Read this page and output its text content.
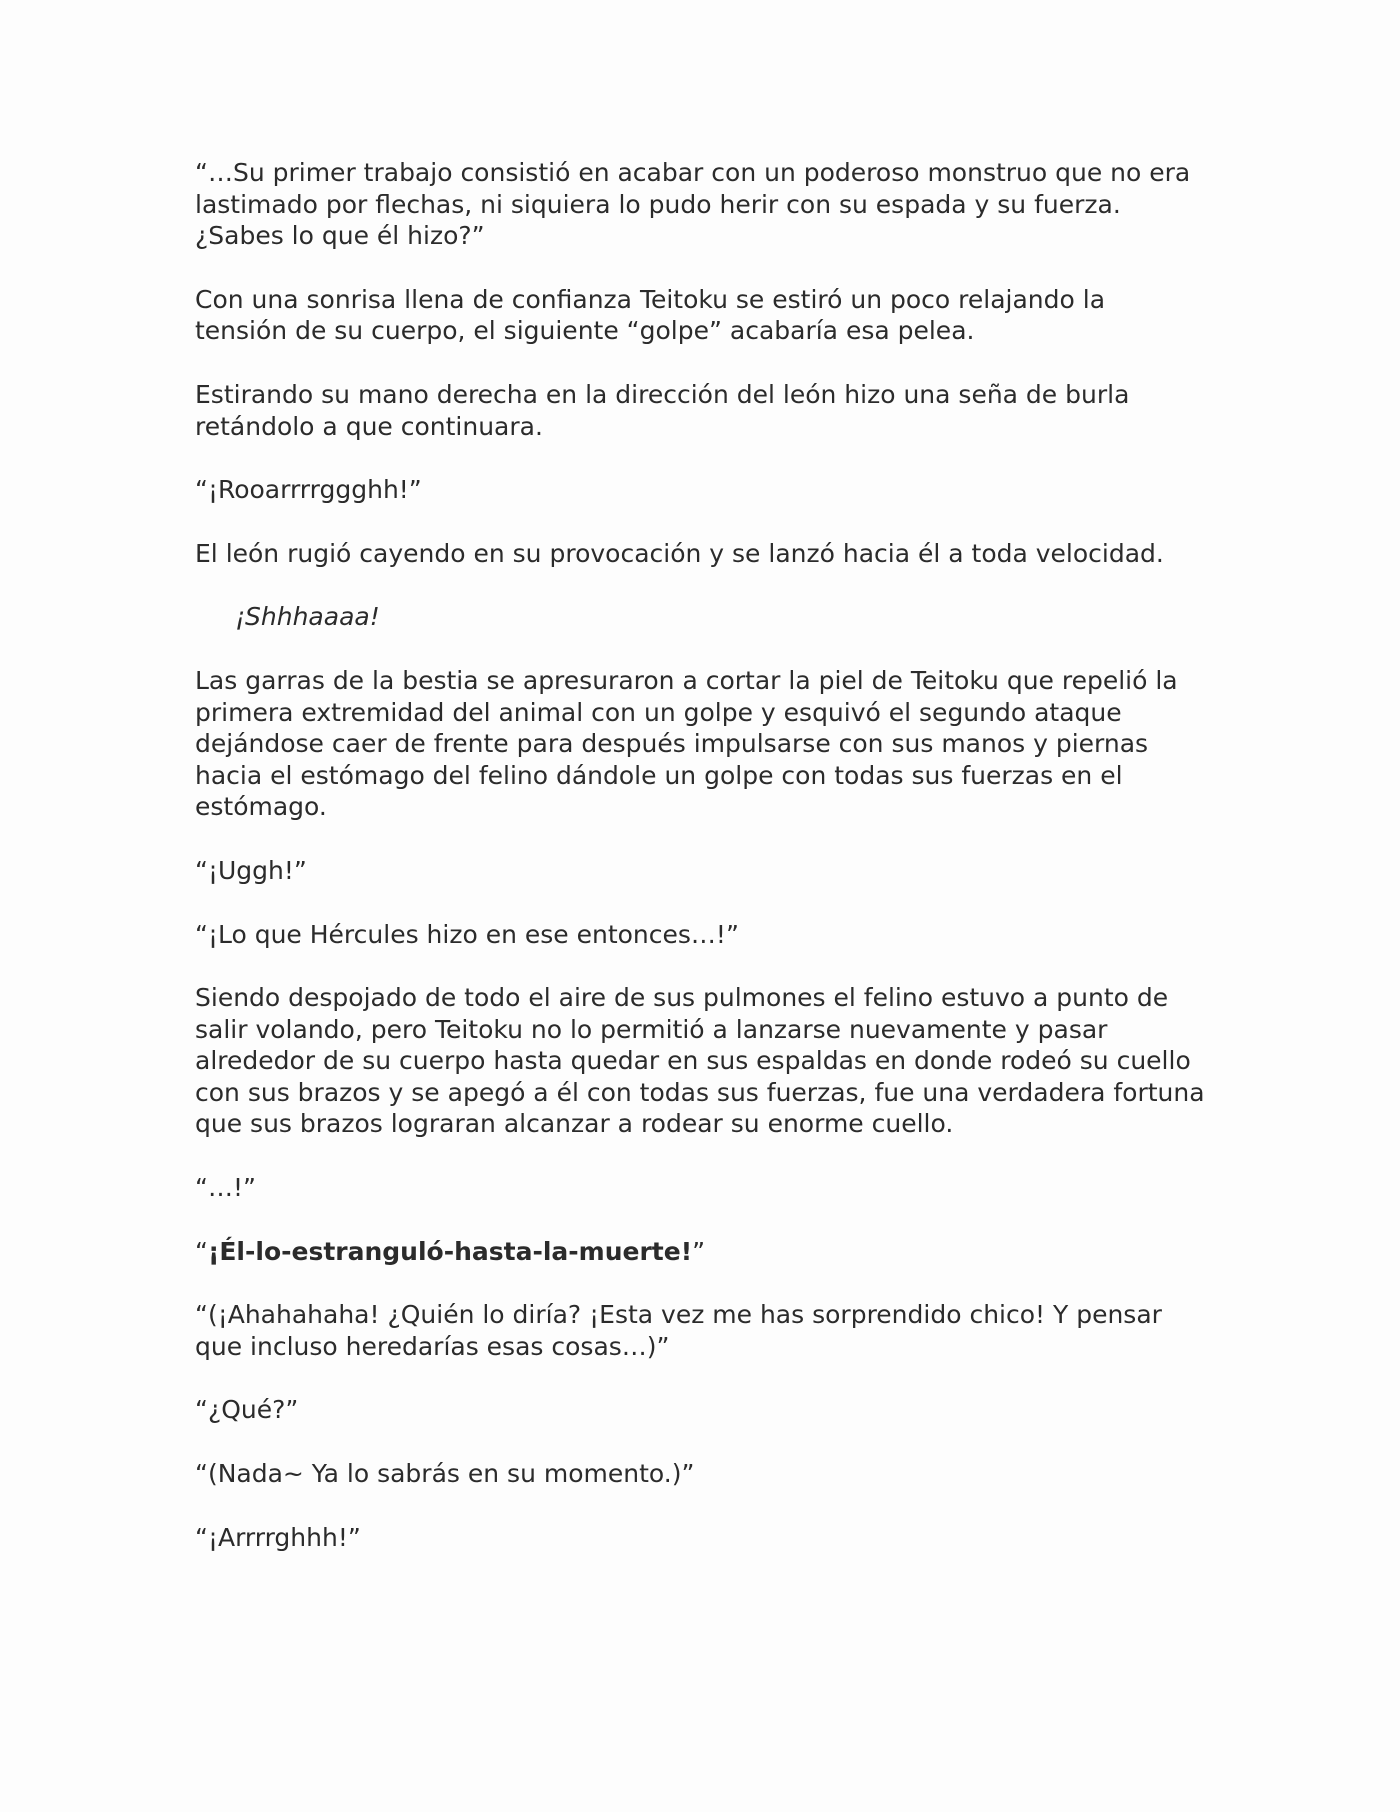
“…Su primer trabajo consistió en acabar con un poderoso monstruo que no era lastimado por flechas, ni siquiera lo pudo herir con su espada y su fuerza. ¿Sabes lo que él hizo?”

Con una sonrisa llena de confianza Teitoku se estiró un poco relajando la tensión de su cuerpo, el siguiente “golpe” acabaría esa pelea.

Estirando su mano derecha en la dirección del león hizo una seña de burla retándolo a que continuara.

“¡Rooarrrrggghh!”

El león rugió cayendo en su provocación y se lanzó hacia él a toda velocidad.

¡Shhhaaaa!

Las garras de la bestia se apresuraron a cortar la piel de Teitoku que repelió la primera extremidad del animal con un golpe y esquivó el segundo ataque dejándose caer de frente para después impulsarse con sus manos y piernas hacia el estómago del felino dándole un golpe con todas sus fuerzas en el estómago.

“¡Uggh!”

“¡Lo que Hércules hizo en ese entonces…!”

Siendo despojado de todo el aire de sus pulmones el felino estuvo a punto de salir volando, pero Teitoku no lo permitió a lanzarse nuevamente y pasar alrededor de su cuerpo hasta quedar en sus espaldas en donde rodeó su cuello con sus brazos y se apegó a él con todas sus fuerzas, fue una verdadera fortuna que sus brazos lograran alcanzar a rodear su enorme cuello.

“…!”

“¡Él-lo-estranguló-hasta-la-muerte!”

“(¡Ahahahaha! ¿Quién lo diría? ¡Esta vez me has sorprendido chico! Y pensar que incluso heredarías esas cosas…)”

“¿Qué?”

“(Nada~ Ya lo sabrás en su momento.)”

“¡Arrrrghhh!”
